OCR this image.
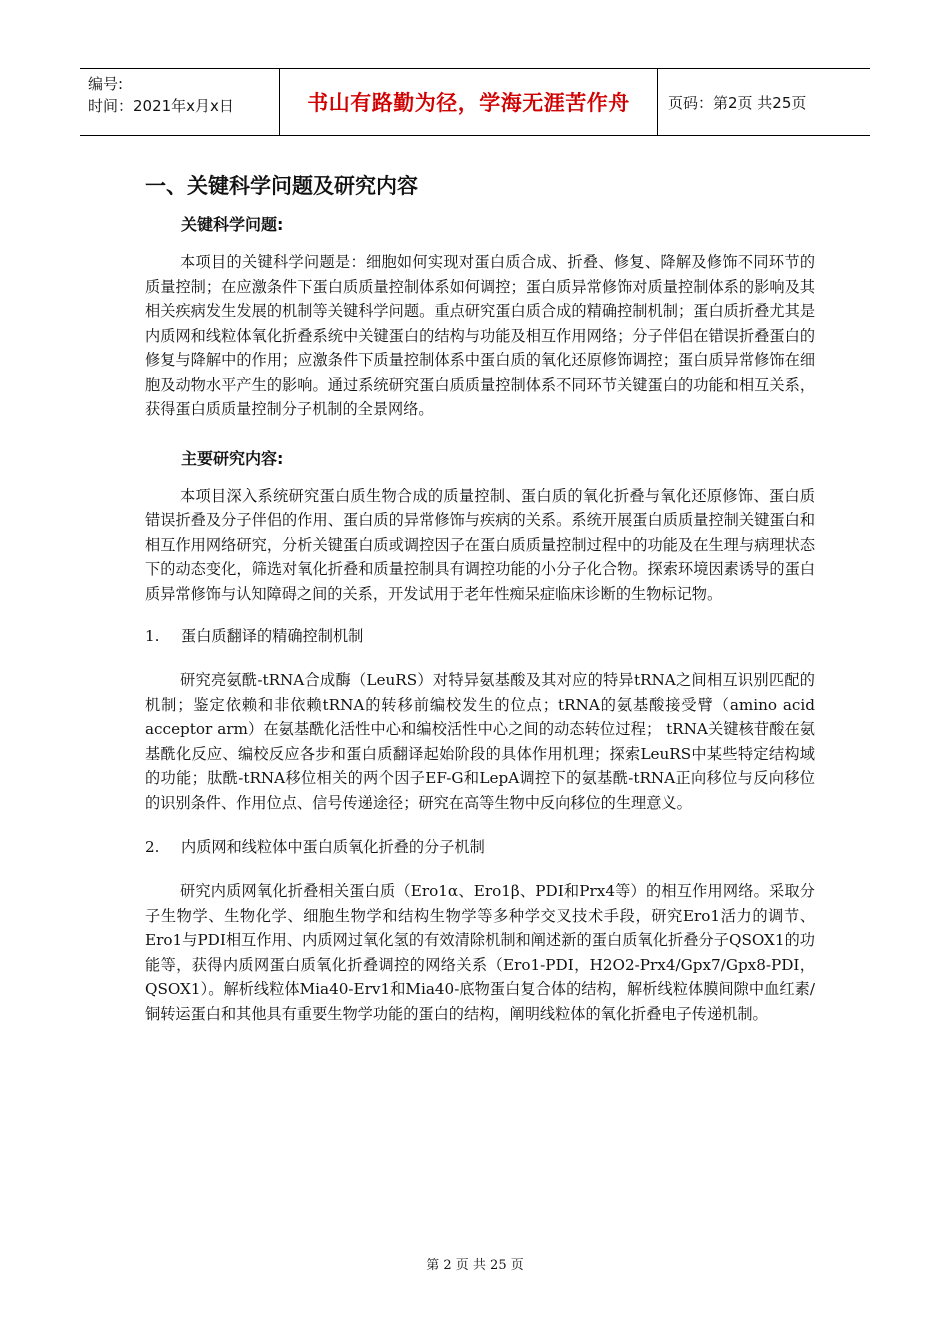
编号:
时间：2021年x月x日	书山有路勤为径，学海无涯苦作舟	页码：第2页 共25页
一、关键科学问题及研究内容
关键科学问题:

本项目的关键科学问题是：细胞如何实现对蛋白质合成、折叠、修复、降解及修饰不同环节的质量控制；在应激条件下蛋白质质量控制体系如何调控；蛋白质异常修饰对质量控制体系的影响及其相关疾病发生发展的机制等关键科学问题。重点研究蛋白质合成的精确控制机制；蛋白质折叠尤其是内质网和线粒体氧化折叠系统中关键蛋白的结构与功能及相互作用网络；分子伴侣在错误折叠蛋白的修复与降解中的作用；应激条件下质量控制体系中蛋白质的氧化还原修饰调控；蛋白质异常修饰在细胞及动物水平产生的影响。通过系统研究蛋白质质量控制体系不同环节关键蛋白的功能和相互关系，获得蛋白质质量控制分子机制的全景网络。

主要研究内容:

本项目深入系统研究蛋白质生物合成的质量控制、蛋白质的氧化折叠与氧化还原修饰、蛋白质错误折叠及分子伴侣的作用、蛋白质的异常修饰与疾病的关系。系统开展蛋白质质量控制关键蛋白和相互作用网络研究，分析关键蛋白质或调控因子在蛋白质质量控制过程中的功能及在生理与病理状态下的动态变化，筛选对氧化折叠和质量控制具有调控功能的小分子化合物。探索环境因素诱导的蛋白质异常修饰与认知障碍之间的关系，开发试用于老年性痴呆症临床诊断的生物标记物。

1. 蛋白质翻译的精确控制机制

研究亮氨酰-tRNA合成酶（LeuRS）对特异氨基酸及其对应的特异tRNA之间相互识别匹配的机制；鉴定依赖和非依赖tRNA的转移前编校发生的位点；tRNA的氨基酸接受臂（amino acid acceptor arm）在氨基酰化活性中心和编校活性中心之间的动态转位过程； tRNA关键核苷酸在氨基酰化反应、编校反应各步和蛋白质翻译起始阶段的具体作用机理；探索LeuRS中某些特定结构域的功能；肽酰-tRNA移位相关的两个因子EF-G和LepA调控下的氨基酰-tRNA正向移位与反向移位的识别条件、作用位点、信号传递途径；研究在高等生物中反向移位的生理意义。

2. 内质网和线粒体中蛋白质氧化折叠的分子机制

研究内质网氧化折叠相关蛋白质（Ero1α、Ero1β、PDI和Prx4等）的相互作用网络。采取分子生物学、生物化学、细胞生物学和结构生物学等多种学交叉技术手段，研究Ero1活力的调节、Ero1与PDI相互作用、内质网过氧化氢的有效清除机制和阐述新的蛋白质氧化折叠分子QSOX1的功能等，获得内质网蛋白质氧化折叠调控的网络关系（Ero1-PDI，H2O2-Prx4/Gpx7/Gpx8-PDI，QSOX1）。解析线粒体Mia40-Erv1和Mia40-底物蛋白复合体的结构，解析线粒体膜间隙中血红素/铜转运蛋白和其他具有重要生物学功能的蛋白的结构，阐明线粒体的氧化折叠电子传递机制。

第 2 页 共 25 页
